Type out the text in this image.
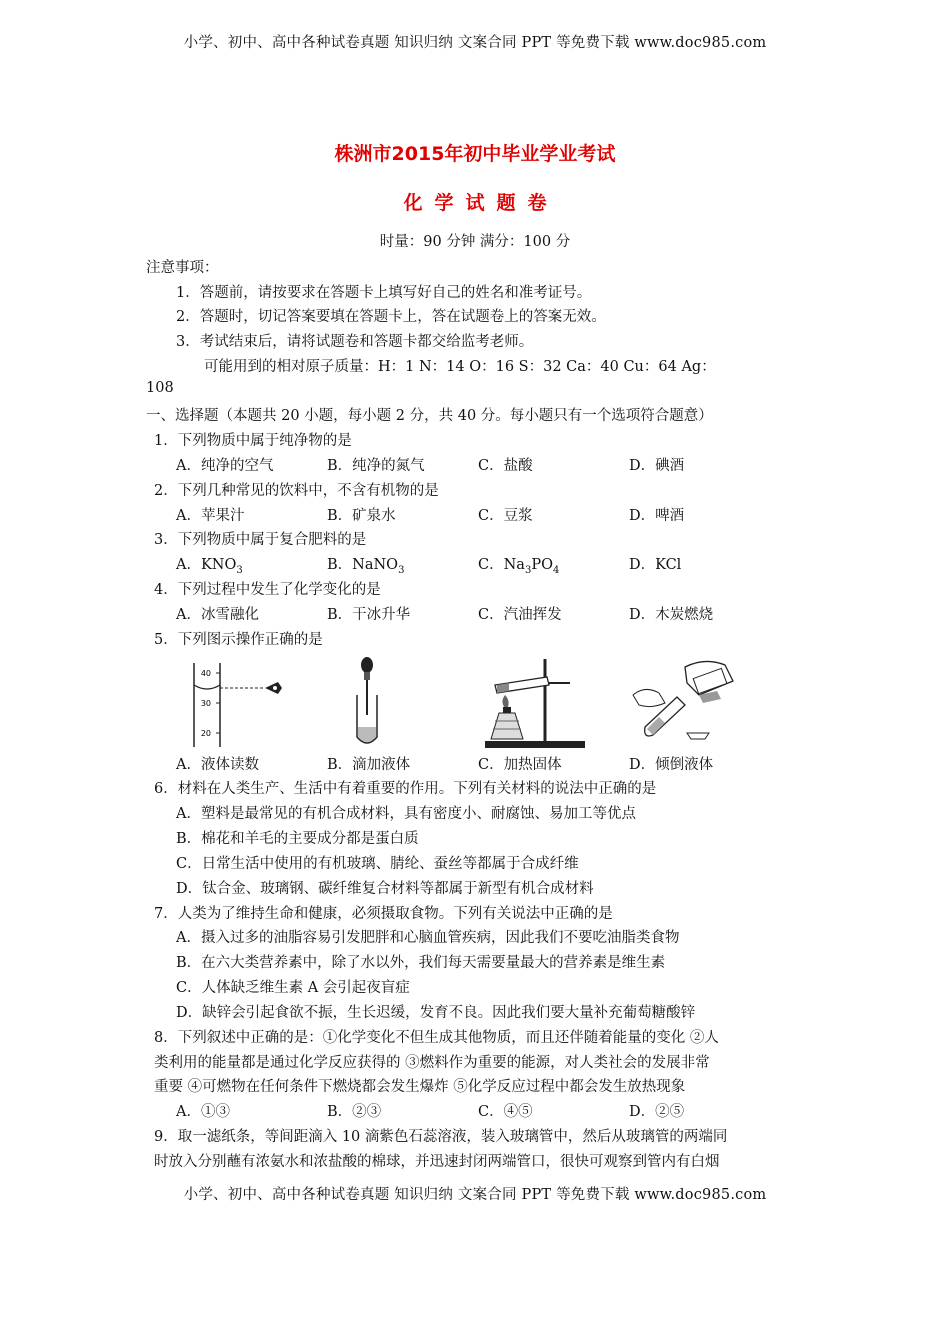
小学、初中、高中各种试卷真题 知识归纳 文案合同 PPT 等免费下载 www.doc985.com
株洲市2015年初中毕业学业考试
化学试题卷
时量：90 分钟 满分：100 分
注意事项：
1．答题前，请按要求在答题卡上填写好自己的姓名和准考证号。
2．答题时，切记答案要填在答题卡上，答在试题卷上的答案无效。
3．考试结束后，请将试题卷和答题卡都交给监考老师。
可能用到的相对原子质量：H：1 N：14 O：16 S：32 Ca：40 Cu：64 Ag：
108
一、选择题（本题共 20 小题，每小题 2 分，共 40 分。每小题只有一个选项符合题意）
1．下列物质中属于纯净物的是
A．纯净的空气	B．纯净的氮气	C．盐酸	D．碘酒
2．下列几种常见的饮料中，不含有机物的是
A．苹果汁	B．矿泉水	C．豆浆	D．啤酒
3．下列物质中属于复合肥料的是
A．$KNO_3$	B．NaNO$_3$	C．$Na_3PO_4$	D．KCl
4．下列过程中发生了化学变化的是
A．冰雪融化	B．干冰升华	C．汽油挥发	D．木炭燃烧
5．下列图示操作正确的是
40
30
20
A．液体读数	B．滴加液体	C．加热固体	D．倾倒液体
6．材料在人类生产、生活中有着重要的作用。下列有关材料的说法中正确的是
A．塑料是最常见的有机合成材料，具有密度小、耐腐蚀、易加工等优点
B．棉花和羊毛的主要成分都是蛋白质
C．日常生活中使用的有机玻璃、腈纶、蚕丝等都属于合成纤维
D．钛合金、玻璃钢、碳纤维复合材料等都属于新型有机合成材料
7．人类为了维持生命和健康，必须摄取食物。下列有关说法中正确的是
A．摄入过多的油脂容易引发肥胖和心脑血管疾病，因此我们不要吃油脂类食物
B．在六大类营养素中，除了水以外，我们每天需要量最大的营养素是维生素
C．人体缺乏维生素 A 会引起夜盲症
D．缺锌会引起食欲不振，生长迟缓，发育不良。因此我们要大量补充葡萄糖酸锌
8．下列叙述中正确的是：①化学变化不但生成其他物质，而且还伴随着能量的变化 ②人
类利用的能量都是通过化学反应获得的 ③燃料作为重要的能源，对人类社会的发展非常
重要 ④可燃物在任何条件下燃烧都会发生爆炸 ⑤化学反应过程中都会发生放热现象
A．①③	B．②③	C．④⑤	D．②⑤
9．取一滤纸条，等间距滴入 10 滴紫色石蕊溶液，装入玻璃管中，然后从玻璃管的两端同
时放入分别蘸有浓氨水和浓盐酸的棉球，并迅速封闭两端管口，很快可观察到管内有白烟
小学、初中、高中各种试卷真题 知识归纳 文案合同 PPT 等免费下载 www.doc985.com
